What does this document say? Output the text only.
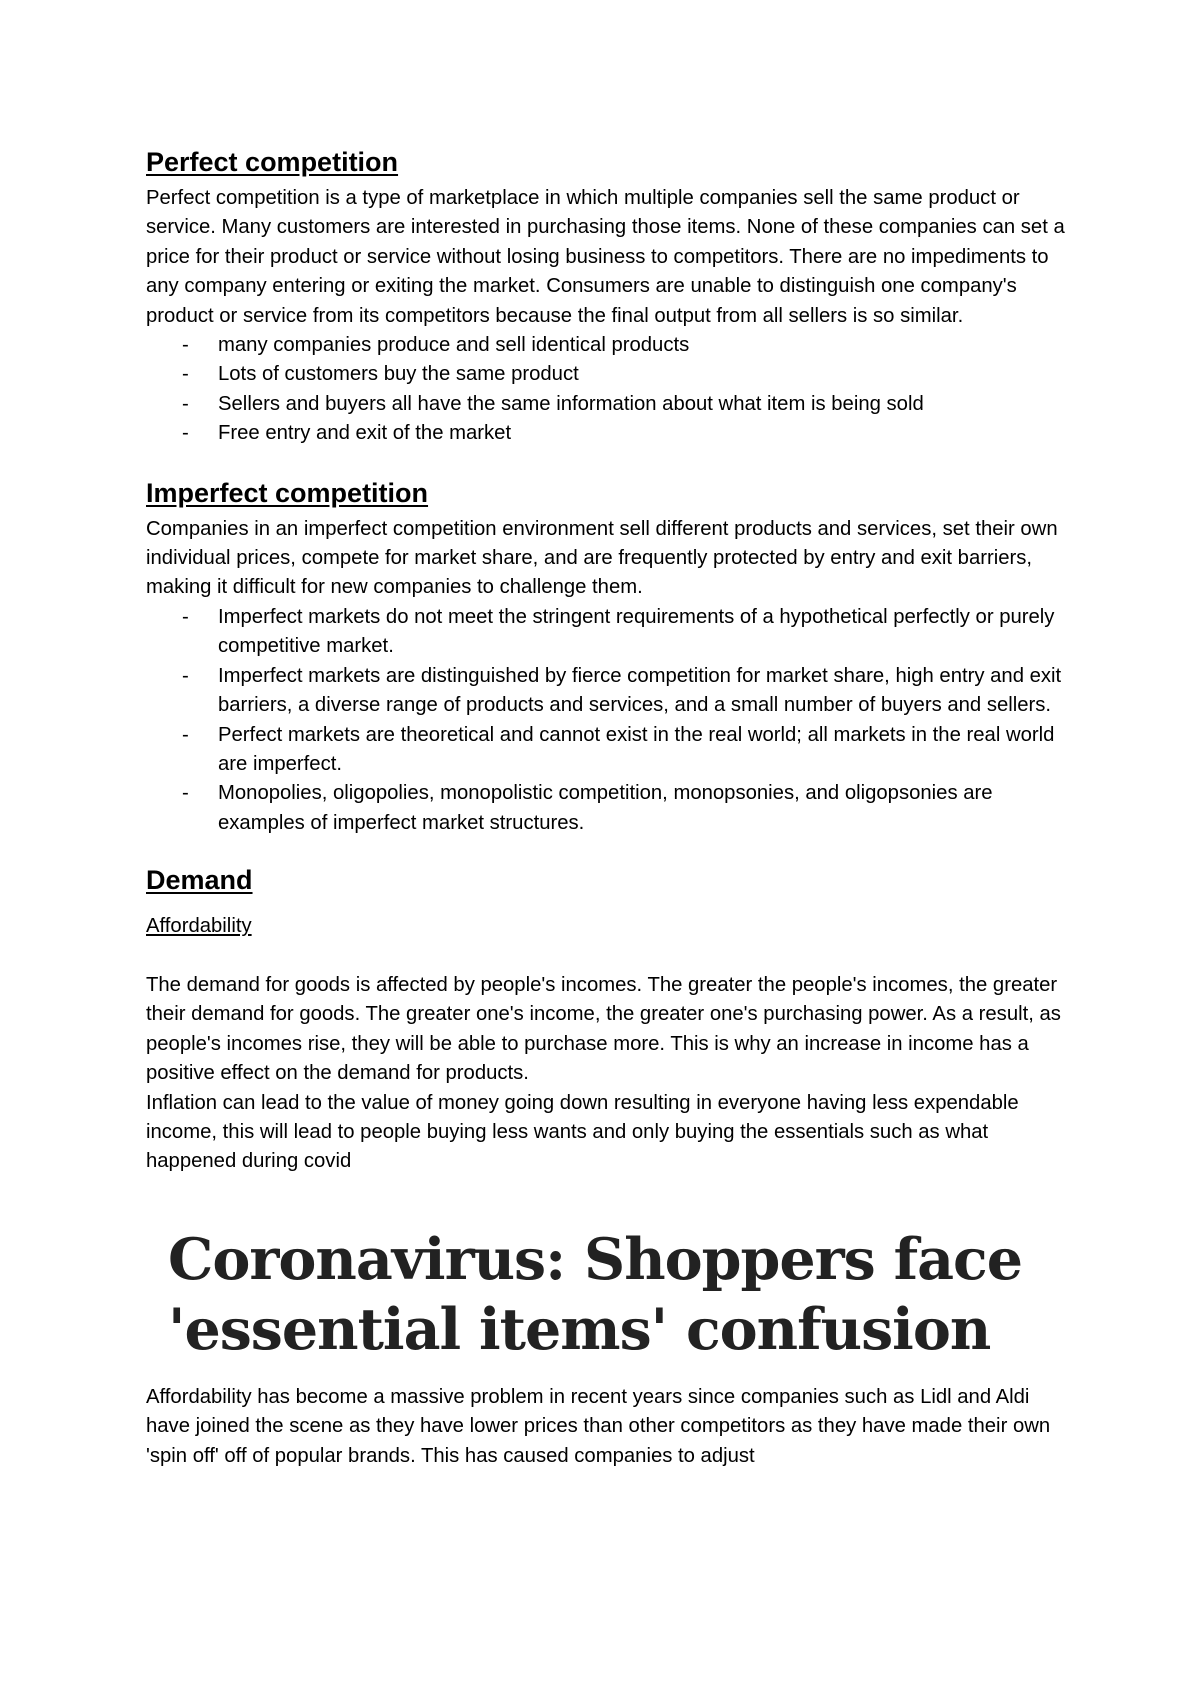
Perfect competition

Perfect competition is a type of marketplace in which multiple companies sell the same product or service. Many customers are interested in purchasing those items. None of these companies can set a price for their product or service without losing business to competitors. There are no impediments to any company entering or exiting the market. Consumers are unable to distinguish one company's product or service from its competitors because the final output from all sellers is so similar.

- many companies produce and sell identical products
- Lots of customers buy the same product
- Sellers and buyers all have the same information about what item is being sold
- Free entry and exit of the market
Imperfect competition

Companies in an imperfect competition environment sell different products and services, set their own individual prices, compete for market share, and are frequently protected by entry and exit barriers, making it difficult for new companies to challenge them.

- Imperfect markets do not meet the stringent requirements of a hypothetical perfectly or purely competitive market.
- Imperfect markets are distinguished by fierce competition for market share, high entry and exit barriers, a diverse range of products and services, and a small number of buyers and sellers.
- Perfect markets are theoretical and cannot exist in the real world; all markets in the real world are imperfect.
- Monopolies, oligopolies, monopolistic competition, monopsonies, and oligopsonies are examples of imperfect market structures.
Demand

Affordability

The demand for goods is affected by people's incomes. The greater the people's incomes, the greater their demand for goods. The greater one's income, the greater one's purchasing power. As a result, as people's incomes rise, they will be able to purchase more. This is why an increase in income has a positive effect on the demand for products.

Inflation can lead to the value of money going down resulting in everyone having less expendable income, this will lead to people buying less wants and only buying the essentials such as what happened during covid

Coronavirus: Shoppers face
'essential items' confusion

Affordability has become a massive problem in recent years since companies such as Lidl and Aldi have joined the scene as they have lower prices than other competitors as they have made their own 'spin off' off of popular brands. This has caused companies to adjust
